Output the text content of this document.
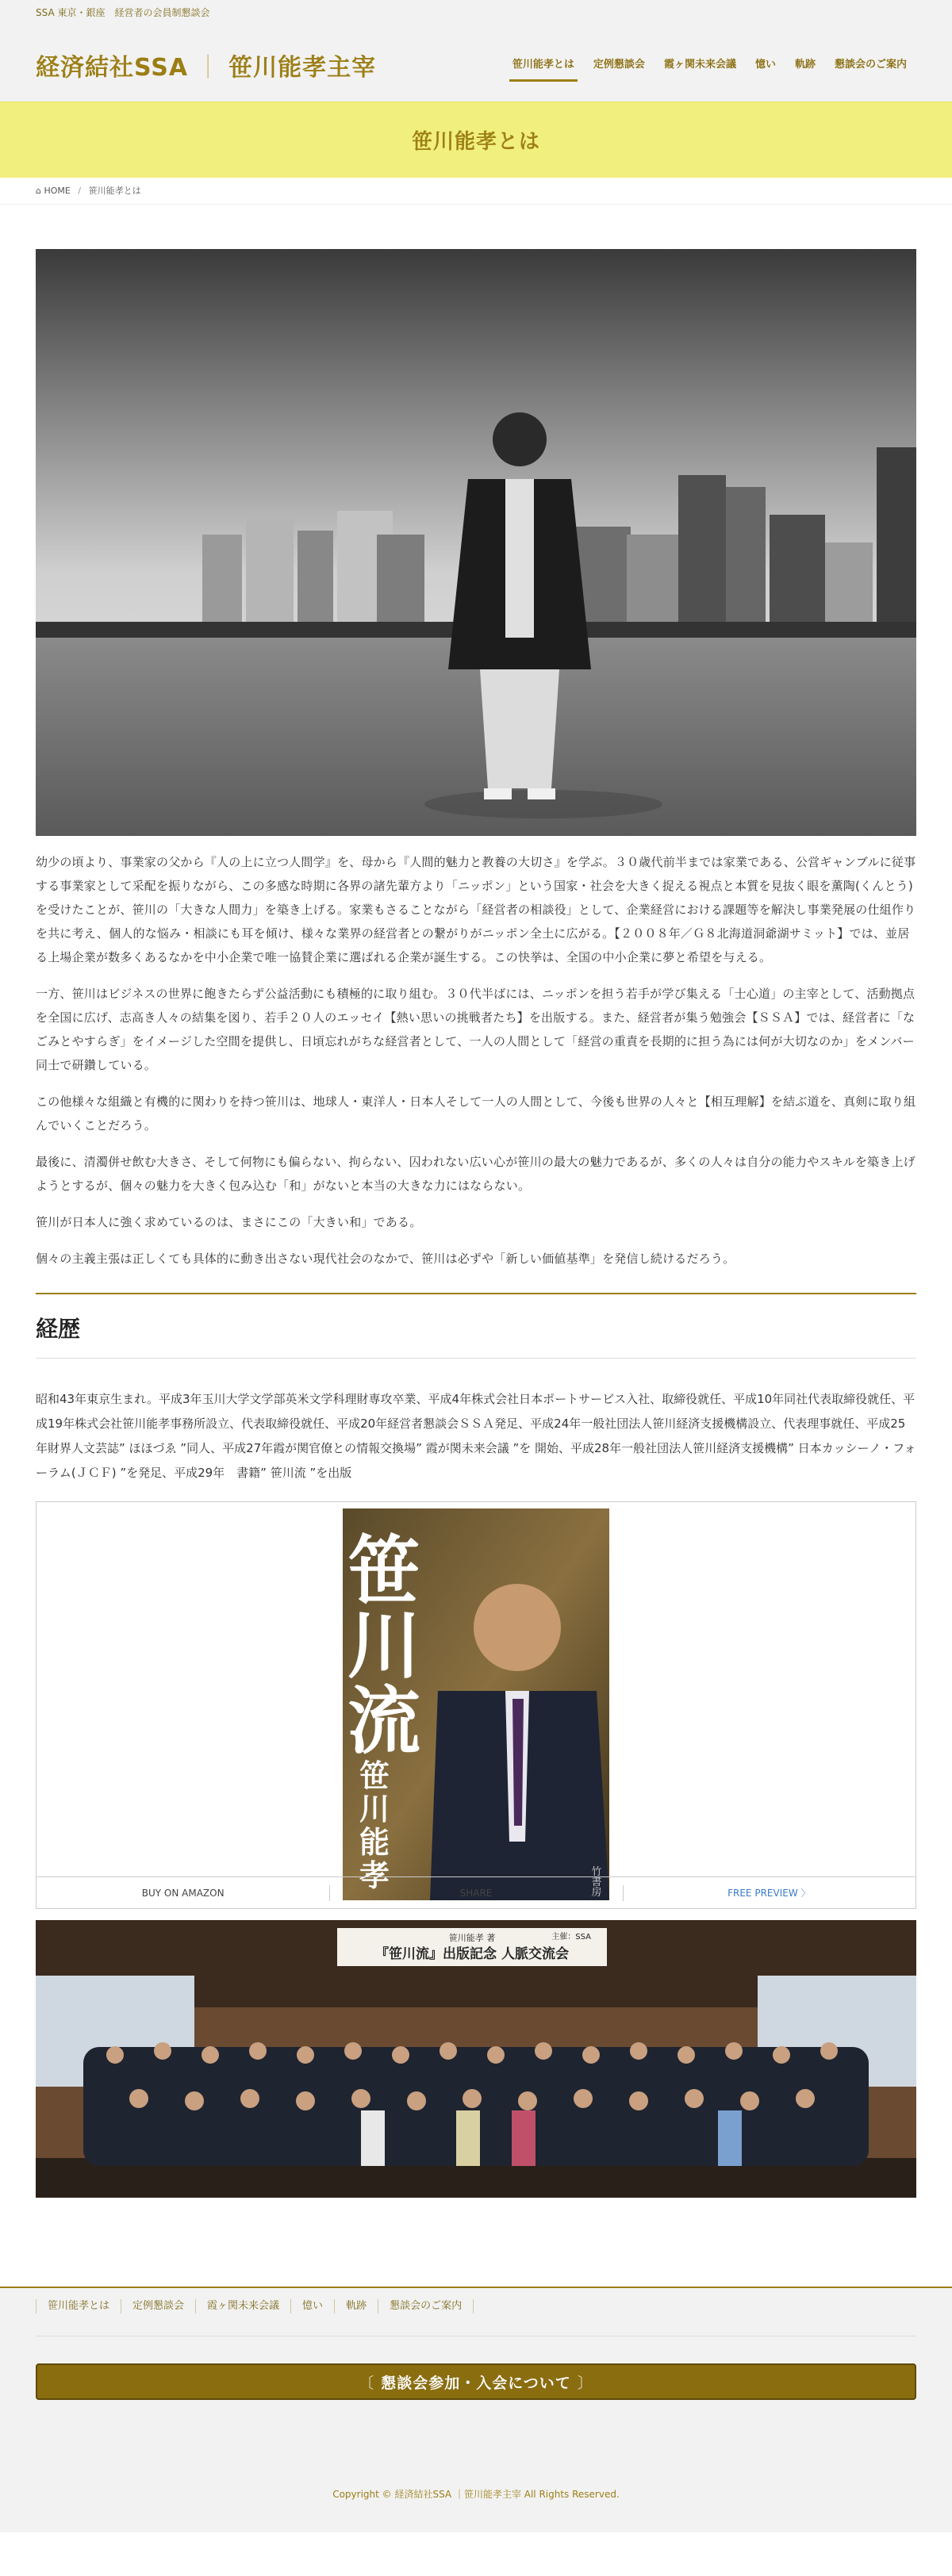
SSA 東京・銀座　経営者の会員制懇談会
経済結社SSA ｜ 笹川能孝主宰	笹川能孝とは	定例懇談会	霞ヶ関未来会議	憶い	軌跡	懇談会のご案内
笹川能孝とは
⌂ HOME / 笹川能孝とは

幼少の頃より、事業家の父から『人の上に立つ人間学』を、母から『人間的魅力と教養の大切さ』を学ぶ。３０歳代前半までは家業である、公営ギャンブルに従事する事業家として采配を振りながら、この多感な時期に各界の諸先輩方より「ニッポン」という国家・社会を大きく捉える視点と本質を見抜く眼を薫陶(くんとう)を受けたことが、笹川の「大きな人間力」を築き上げる。家業もさることながら「経営者の相談役」として、企業経営における課題等を解決し事業発展の仕組作りを共に考え、個人的な悩み・相談にも耳を傾け、様々な業界の経営者との繋がりがニッポン全土に広がる。【２００８年／Ｇ８北海道洞爺湖サミット】では、並居る上場企業が数多くあるなかを中小企業で唯一協賛企業に選ばれる企業が誕生する。この快挙は、全国の中小企業に夢と希望を与える。

一方、笹川はビジネスの世界に飽きたらず公益活動にも積極的に取り組む。３０代半ばには、ニッポンを担う若手が学び集える「士心道」の主宰として、活動拠点を全国に広げ、志高き人々の結集を図り、若手２０人のエッセイ【熱い思いの挑戦者たち】を出版する。また、経営者が集う勉強会【ＳＳＡ】では、経営者に「なごみとやすらぎ」をイメージした空間を提供し、日頃忘れがちな経営者として、一人の人間として「経営の重責を長期的に担う為には何が大切なのか」をメンバー同士で研鑽している。

この他様々な組織と有機的に関わりを持つ笹川は、地球人・東洋人・日本人そして一人の人間として、今後も世界の人々と【相互理解】を結ぶ道を、真剣に取り組んでいくことだろう。

最後に、清濁併せ飲む大きさ、そして何物にも偏らない、拘らない、囚われない広い心が笹川の最大の魅力であるが、多くの人々は自分の能力やスキルを築き上げようとするが、個々の魅力を大きく包み込む「和」がないと本当の大きな力にはならない。

笹川が日本人に強く求めているのは、まさにこの「大きい和」である。

個々の主義主張は正しくても具体的に動き出さない現代社会のなかで、笹川は必ずや「新しい価値基準」を発信し続けるだろう。

経歴

昭和43年東京生まれ。平成3年玉川大学文学部英米文学科理財専攻卒業、平成4年株式会社日本ポートサービス入社、取締役就任、平成10年同社代表取締役就任、平成19年株式会社笹川能孝事務所設立、代表取締役就任、平成20年経営者懇談会ＳＳＡ発足、平成24年一般社団法人笹川経済支援機構設立、代表理事就任、平成25年財界人文芸誌” ほほづゑ ”同人、平成27年霞が関官僚との情報交換場” 霞が関未来会議 ”を 開始、平成28年一般社団法人笹川経済支援機構” 日本カッシーノ・フォーラム(ＪＣＦ) ”を発足、平成29年　書籍” 笹川流 ”を出版

笹
川
流
笹
川
能
孝	竹書房
BUY ON AMAZON	SHARE	FREE PREVIEW 〉
笹川能孝 著
『笹川流』出版記念 人脈交流会
主催：SSA
笹川能孝とは	定例懇談会	霞ヶ関未来会議	憶い	軌跡	懇談会のご案内
〔 懇談会参加・入会について 〕

Copyright © 経済結社SSA ｜笹川能孝主宰 All Rights Reserved.
